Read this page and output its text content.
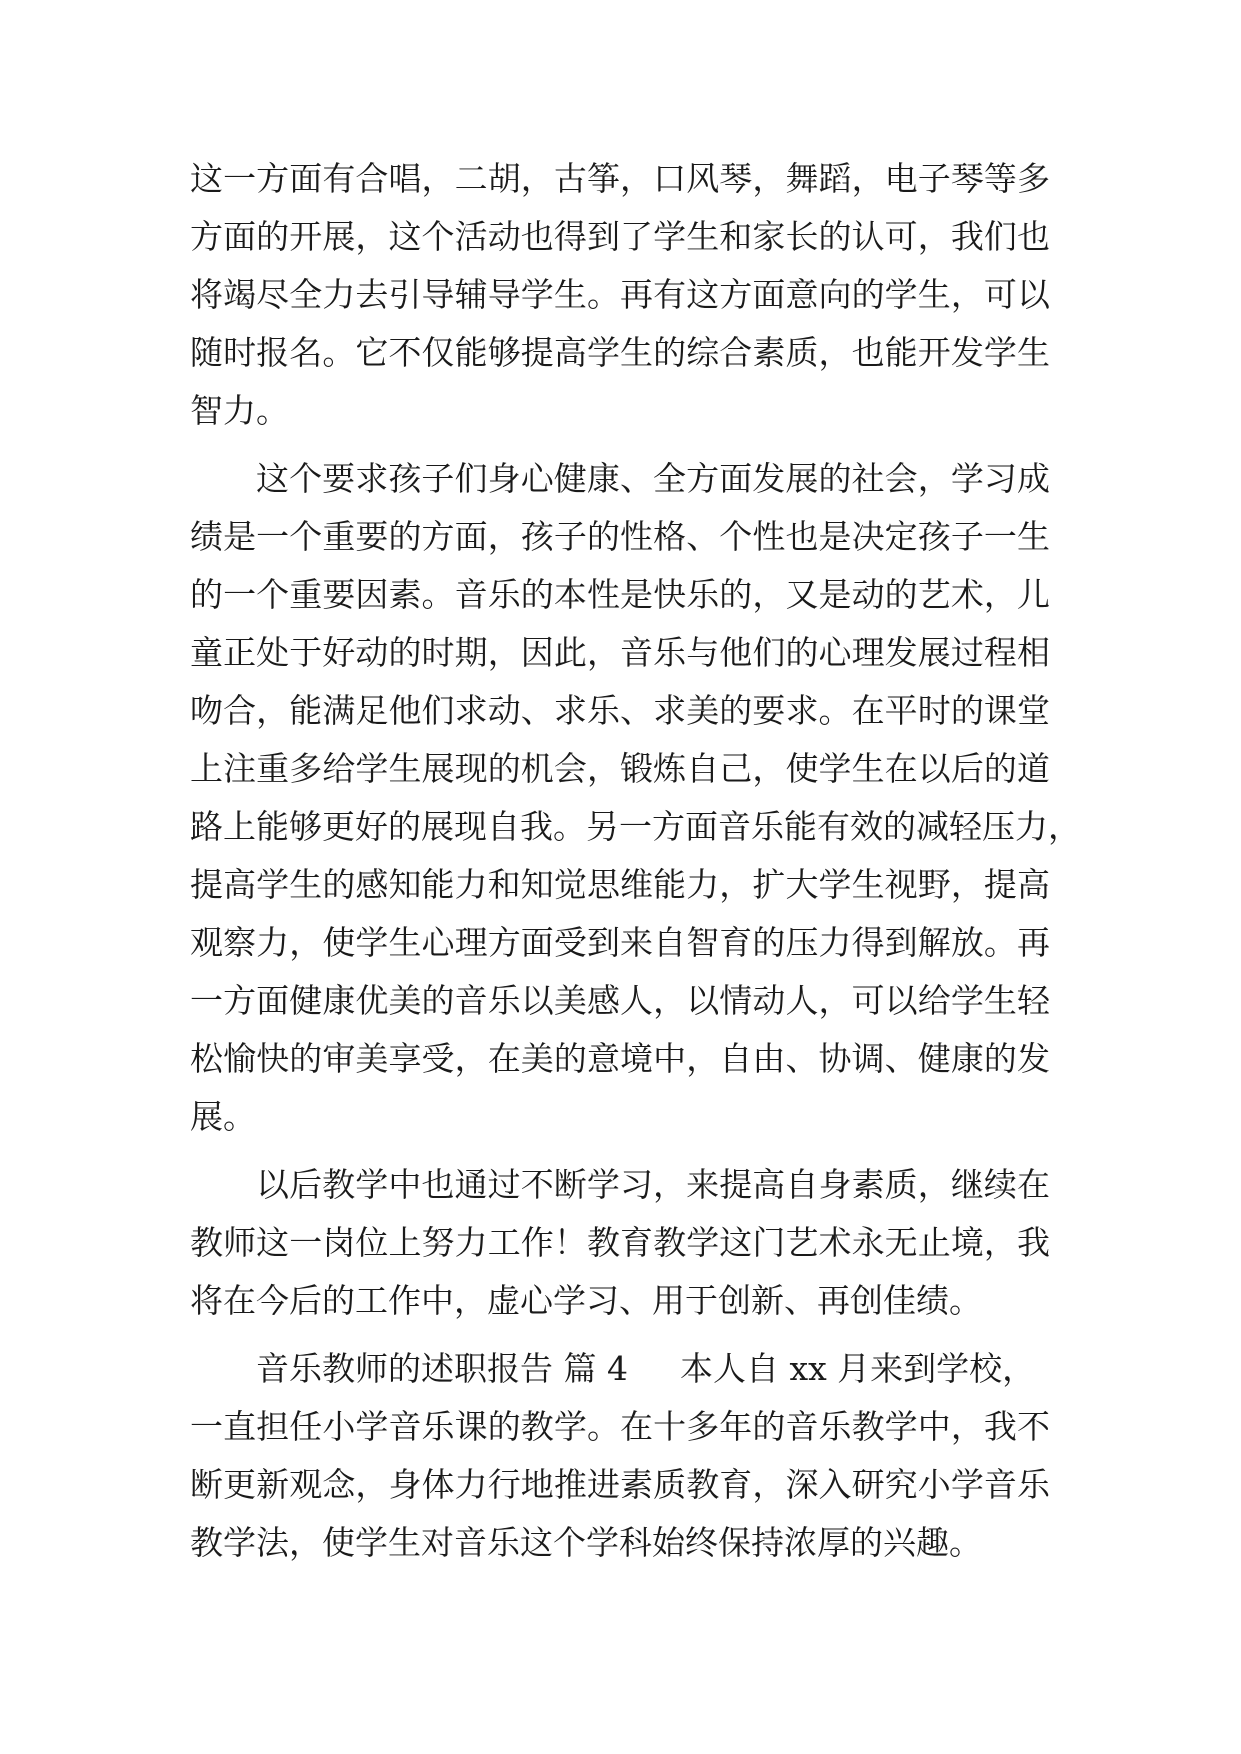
这一方面有合唱，二胡，古筝，口风琴，舞蹈，电子琴等多
方面的开展，这个活动也得到了学生和家长的认可，我们也
将竭尽全力去引导辅导学生。再有这方面意向的学生，可以
随时报名。它不仅能够提高学生的综合素质，也能开发学生
智力。
这个要求孩子们身心健康、全方面发展的社会，学习成
绩是一个重要的方面，孩子的性格、个性也是决定孩子一生
的一个重要因素。音乐的本性是快乐的，又是动的艺术，儿
童正处于好动的时期，因此，音乐与他们的心理发展过程相
吻合，能满足他们求动、求乐、求美的要求。在平时的课堂
上注重多给学生展现的机会，锻炼自己，使学生在以后的道
路上能够更好的展现自我。另一方面音乐能有效的减轻压力，
提高学生的感知能力和知觉思维能力，扩大学生视野，提高
观察力，使学生心理方面受到来自智育的压力得到解放。再
一方面健康优美的音乐以美感人，以情动人，可以给学生轻
松愉快的审美享受，在美的意境中，自由、协调、健康的发
展。
以后教学中也通过不断学习，来提高自身素质，继续在
教师这一岗位上努力工作！教育教学这门艺术永无止境，我
将在今后的工作中，虚心学习、用于创新、再创佳绩。
音乐教师的述职报告 篇 4 本人自 xx 月来到学校，
一直担任小学音乐课的教学。在十多年的音乐教学中，我不
断更新观念，身体力行地推进素质教育，深入研究小学音乐
教学法，使学生对音乐这个学科始终保持浓厚的兴趣。
